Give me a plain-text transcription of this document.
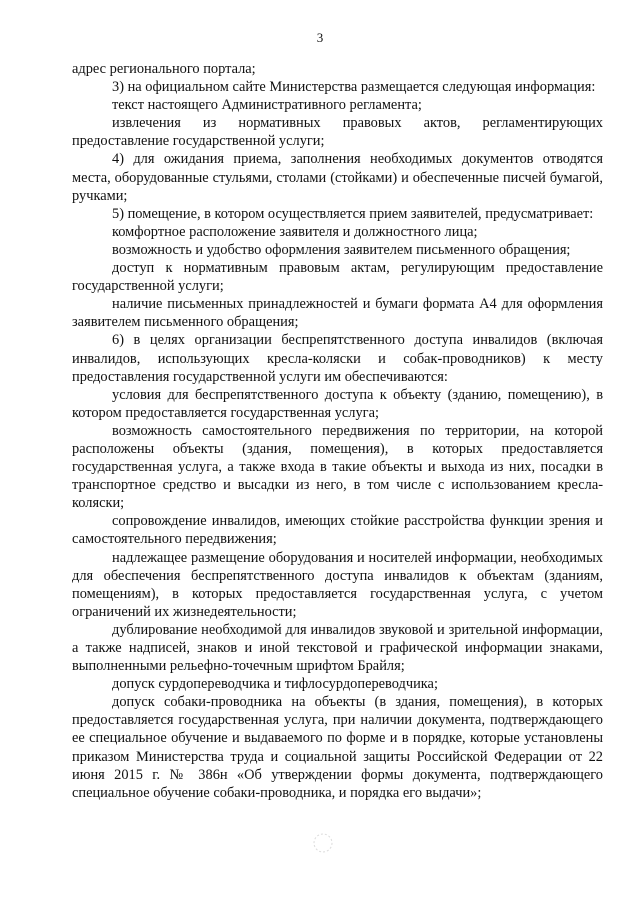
3

адрес регионального портала;

3) на официальном сайте Министерства размещается следующая информация:

текст настоящего Административного регламента;

извлечения из нормативных правовых актов, регламентирующих предоставление государственной услуги;

4) для ожидания приема, заполнения необходимых документов отводятся места, оборудованные стульями, столами (стойками) и обеспеченные писчей бумагой, ручками;

5) помещение, в котором осуществляется прием заявителей, предусматривает:

комфортное расположение заявителя и должностного лица;

возможность и удобство оформления заявителем письменного обращения;

доступ к нормативным правовым актам, регулирующим предоставление государственной услуги;

наличие письменных принадлежностей и бумаги формата А4 для оформления заявителем письменного обращения;

6) в целях организации беспрепятственного доступа инвалидов (включая инвалидов, использующих кресла-коляски и собак-проводников) к месту предоставления государственной услуги им обеспечиваются:

условия для беспрепятственного доступа к объекту (зданию, помещению), в котором предоставляется государственная услуга;

возможность самостоятельного передвижения по территории, на которой расположены объекты (здания, помещения), в которых предоставляется государственная услуга, а также входа в такие объекты и выхода из них, посадки в транспортное средство и высадки из него, в том числе с использованием кресла-коляски;

сопровождение инвалидов, имеющих стойкие расстройства функции зрения и самостоятельного передвижения;

надлежащее размещение оборудования и носителей информации, необходимых для обеспечения беспрепятственного доступа инвалидов к объектам (зданиям, помещениям), в которых предоставляется государственная услуга, с учетом ограничений их жизнедеятельности;

дублирование необходимой для инвалидов звуковой и зрительной информации, а также надписей, знаков и иной текстовой и графической информации знаками, выполненными рельефно-точечным шрифтом Брайля;

допуск сурдопереводчика и тифлосурдопереводчика;

допуск собаки-проводника на объекты (в здания, помещения), в которых предоставляется государственная услуга, при наличии документа, подтверждающего ее специальное обучение и выдаваемого по форме и в порядке, которые установлены приказом Министерства труда и социальной защиты Российской Федерации от 22 июня 2015 г. № 386н «Об утверждении формы документа, подтверждающего специальное обучение собаки-проводника, и порядка его выдачи»;
